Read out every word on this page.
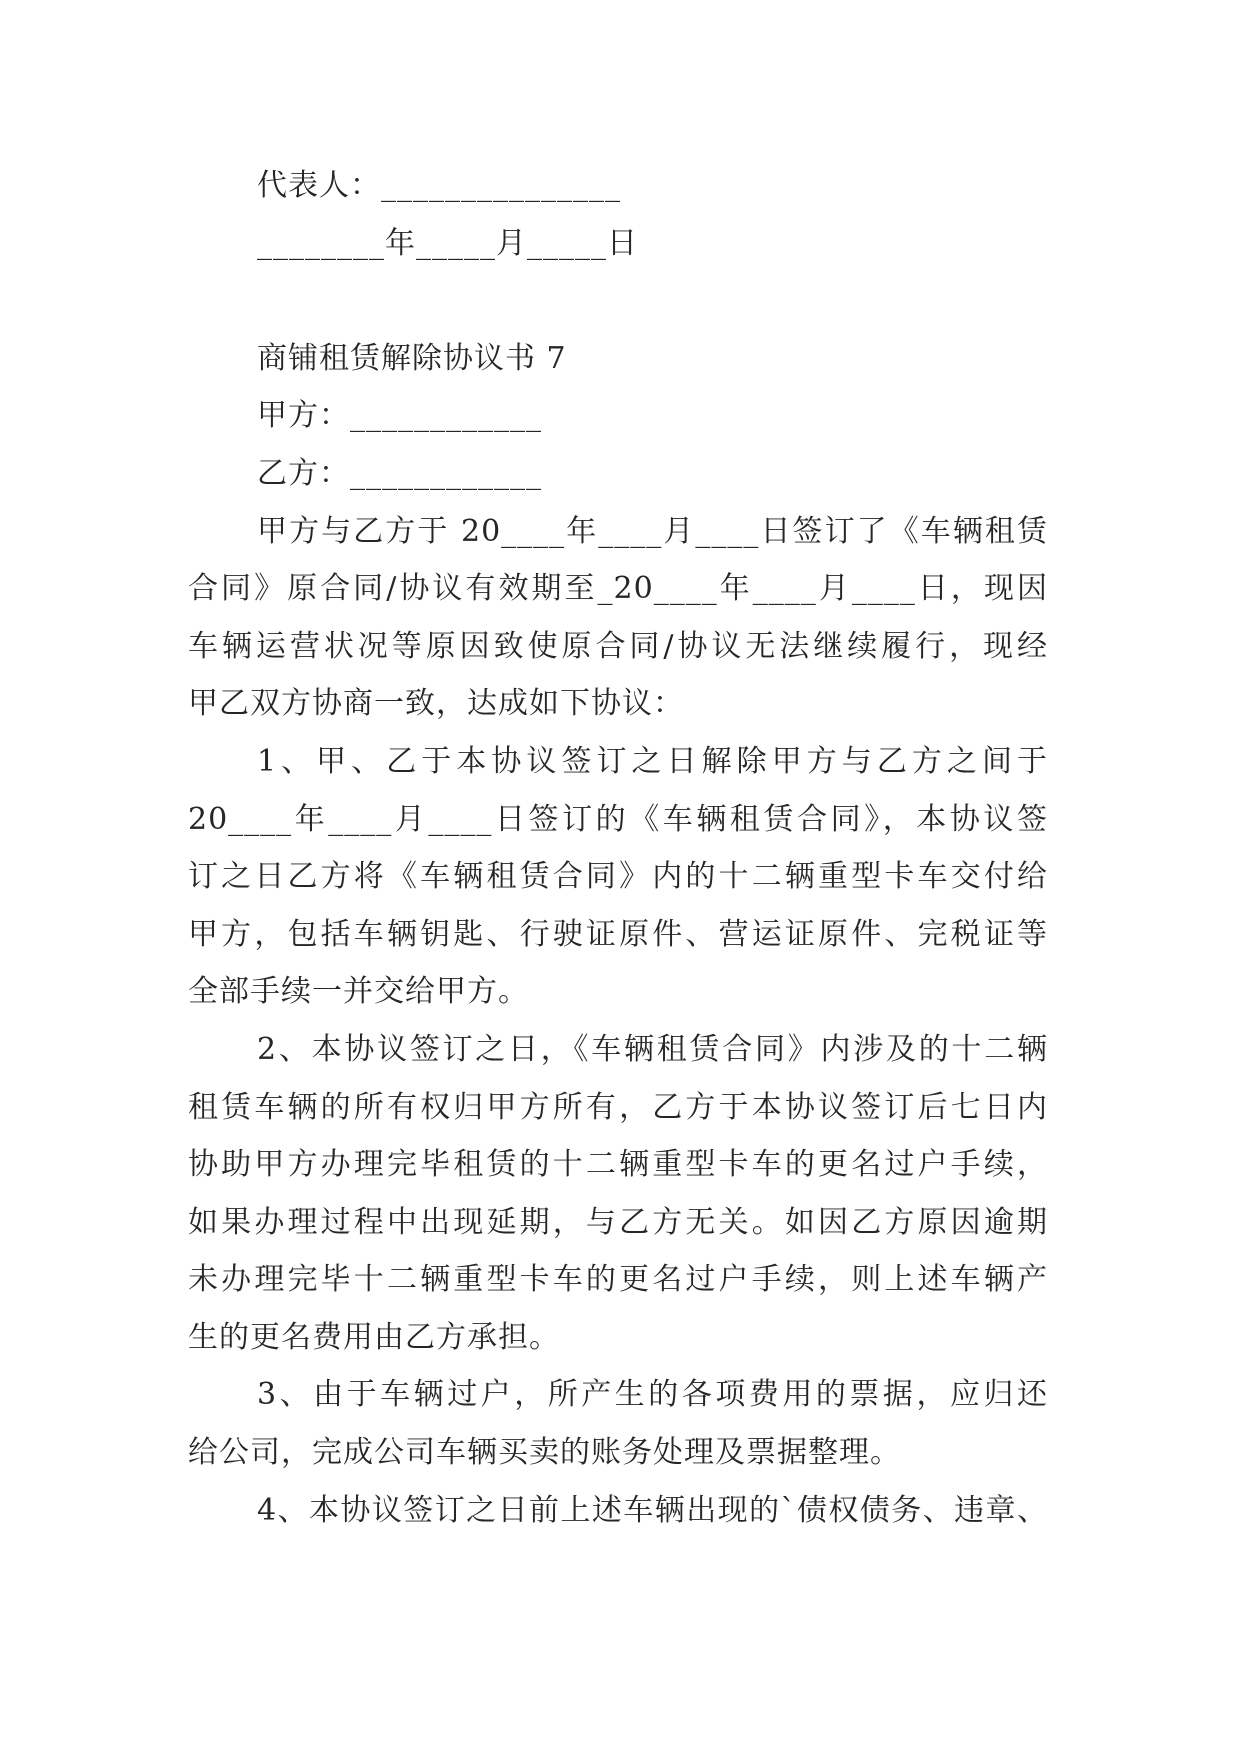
代表人：_______________
________年_____月_____日
商铺租赁解除协议书 7
甲方：____________
乙方：____________
甲方与乙方于 20____年____月____日签订了《车辆租赁
合同》原合同/协议有效期至_20____年____月____日，现因
车辆运营状况等原因致使原合同/协议无法继续履行，现经
甲乙双方协商一致，达成如下协议：
1、甲、乙于本协议签订之日解除甲方与乙方之间于
20____年____月____日签订的《车辆租赁合同》，本协议签
订之日乙方将《车辆租赁合同》内的十二辆重型卡车交付给
甲方，包括车辆钥匙、行驶证原件、营运证原件、完税证等
全部手续一并交给甲方。
2、本协议签订之日，《车辆租赁合同》内涉及的十二辆
租赁车辆的所有权归甲方所有，乙方于本协议签订后七日内
协助甲方办理完毕租赁的十二辆重型卡车的更名过户手续，
如果办理过程中出现延期，与乙方无关。如因乙方原因逾期
未办理完毕十二辆重型卡车的更名过户手续，则上述车辆产
生的更名费用由乙方承担。
3、由于车辆过户，所产生的各项费用的票据，应归还
给公司，完成公司车辆买卖的账务处理及票据整理。
4、本协议签订之日前上述车辆出现的`债权债务、违章、
